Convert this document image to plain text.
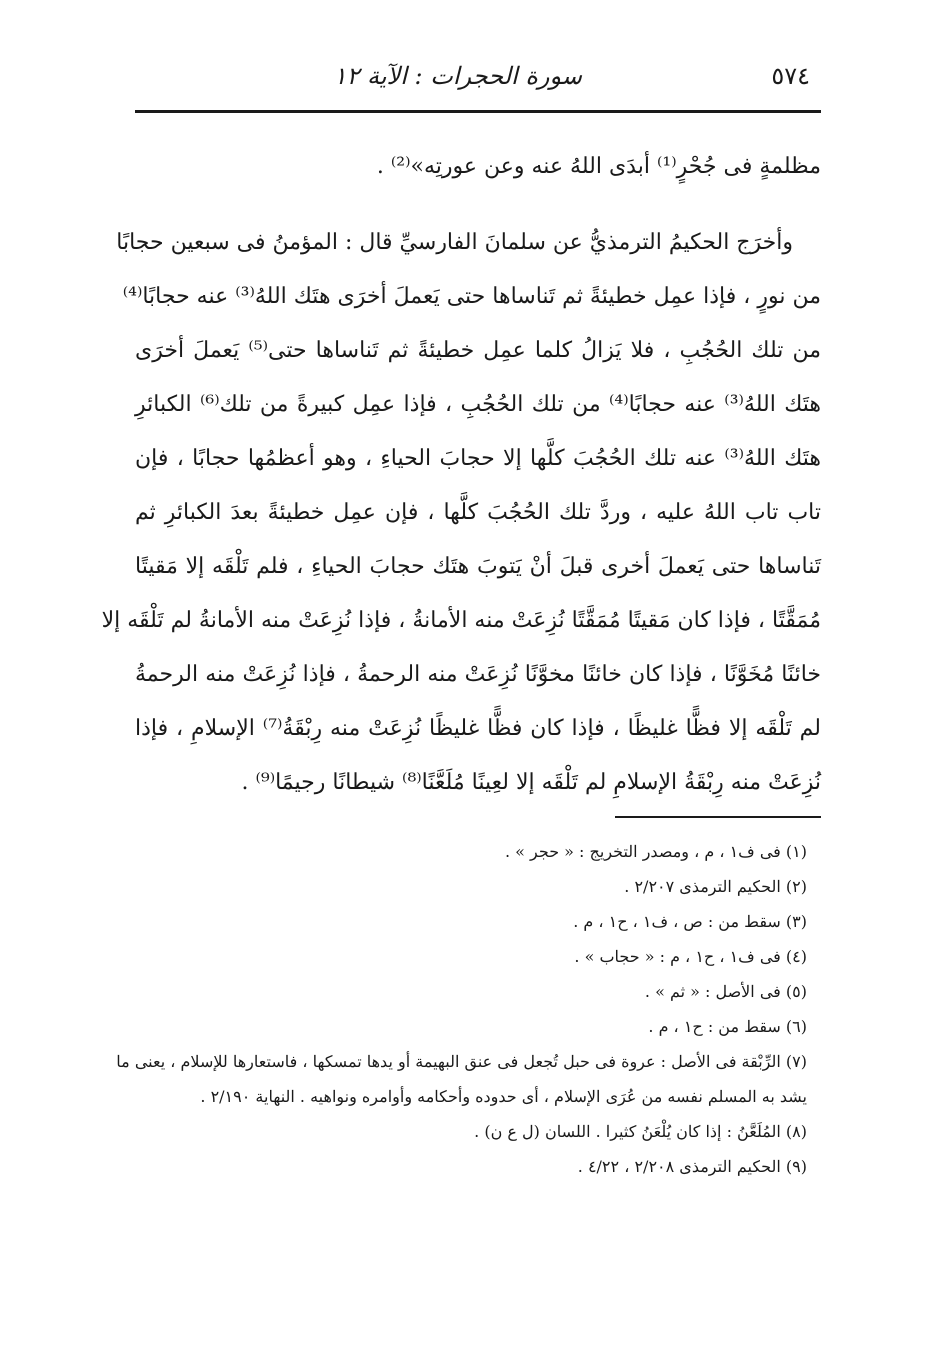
٥٧٤
سورة الحجرات : الآية ١٢
مظلمةٍ فى جُحْرٍ⁽¹⁾ أبدَى اللهُ عنه وعن عورتِه»⁽²⁾ .
وأخرَج الحكيمُ الترمذيُّ عن سلمانَ الفارسيِّ قال : المؤمنُ فى سبعين حجابًا
من نورٍ ، فإذا عمِل خطيئةً ثم تَناساها حتى يَعملَ أخرَى هتَك اللهُ⁽³⁾ عنه حجابًا⁽⁴⁾
من تلك الحُجُبِ ، فلا يَزالُ كلما عمِل خطيئةً ثم تَناساها حتى⁽⁵⁾ يَعملَ أخرَى
هتَك اللهُ⁽³⁾ عنه حجابًا⁽⁴⁾ من تلك الحُجُبِ ، فإذا عمِل كبيرةً من تلك⁽⁶⁾ الكبائرِ
هتَك اللهُ⁽³⁾ عنه تلك الحُجُبَ كلَّها إلا حجابَ الحياءِ ، وهو أعظمُها حجابًا ، فإن
تاب تاب اللهُ عليه ، وردَّ تلك الحُجُبَ كلَّها ، فإن عمِل خطيئةً بعدَ الكبائرِ ثم
تَناساها حتى يَعملَ أخرى قبلَ أنْ يَتوبَ هتَك حجابَ الحياءِ ، فلم تَلْقَه إلا مَقيتًا
مُمَقَّتًا ، فإذا كان مَقيتًا مُمَقَّتًا نُزِعَتْ منه الأمانةُ ، فإذا نُزِعَتْ منه الأمانةُ لم تَلْقَه إلا
خائنًا مُخَوَّنًا ، فإذا كان خائنًا مخوَّنًا نُزِعَتْ منه الرحمةُ ، فإذا نُزِعَتْ منه الرحمةُ
لم تَلْقَه إلا فظًّا غليظًا ، فإذا كان فظًّا غليظًا نُزِعَتْ منه رِبْقَةُ⁽⁷⁾ الإسلامِ ، فإذا
نُزِعَتْ منه رِبْقَةُ الإسلامِ لم تَلْقَه إلا لعِينًا مُلَعَّنًا⁽⁸⁾ شيطانًا رجيمًا⁽⁹⁾ .
(١) فى ف١ ، م ، ومصدر التخريج : « حجر » .
(٢) الحكيم الترمذى ٢/٢٠٧ .
(٣) سقط من : ص ، ف١ ، ح١ ، م .
(٤) فى ف١ ، ح١ ، م : « حجاب » .
(٥) فى الأصل : « ثم » .
(٦) سقط من : ح١ ، م .
(٧) الرِّبْقة فى الأصل : عروة فى حبل تُجعل فى عنق البهيمة أو يدها تمسكها ، فاستعارها للإسلام ، يعنى ما
يشد به المسلم نفسه من عُرَى الإسلام ، أى حدوده وأحكامه وأوامره ونواهيه . النهاية ٢/١٩٠ .
(٨) المُلَعَّنُ : إذا كان يُلْعَنُ كثيرا . اللسان (ل ع ن) .
(٩) الحكيم الترمذى ٢/٢٠٨ ، ٤/٢٢ .
